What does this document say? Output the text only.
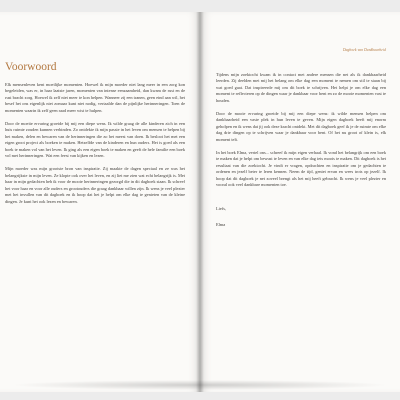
Voorwoord

Elk mensenleven kent moeilijke momenten. Hoewel ik mijn moeder niet lang meer in een zorg kon begeleiden, was er, in haar laatste jaren, momenten van intense eenzaamheid, dan kwam de rust en de rust bracht zorg. Hoewel ik zelf niet meer te kon helpen. Wanneer zij een tranen, geen eind aan wil, het besef het ons eigenlijk niet zomaar kunt niet nodig, vertaalde dan de pijnlijke herinneringen. Toen de momenten waarin ik zelf geen raad meer wist te hulpen.

Door de moeite ervaring groeide bij mij een diepe wens. Ik wilde graag de alle kinderen zich in een huis ruimte zouden kunnen verbinden. Zo ontdekte ik mijn passie in het leven om mensen te helpen bij het maken, delen en bewaren van de herinneringen die zo het meest van doen. Ik besloot het met een eigen groot project als boeken te maken. Hetzelfde van de kinderen en hun ouders. Het is goed als een boek te maken vol van het leven. Ik ging als een eigen boek te maken en geeft de hele familie een boek vol met herinneringen. Wat een feest van kijken en lezen.

Mijn moeder was mijn grootste bron van inspiratie. Zij maakte de dagen speciaal en ze was het belangrijkste in mijn leven. Ze klopte ook over het leven, en zij liet me zien wat echt belangrijk is. Met haar in mijn gedachten heb ik voor de mooie herinneringen gezorgd die in dit dagboek staan. Ik schreef het voor haar en voor alle ouders en grootouders die graag dankbaar willen zijn. Ik wens je veel plezier met het invullen van dit dagboek en ik hoop dat het je helpt om elke dag te genieten van de kleine dingen. Je kunt het ook lezen en bewaren.

Dagboek van Dankbaarheid

Tijdens mijn zoektocht kwam ik in contact met andere mensen die net als ik dankbaarheid leerden. Zij deelden met mij het belang om elke dag een moment te nemen om stil te staan bij wat goed gaat. Dat inspireerde mij om dit boek te schrijven. Het helpt je om elke dag een moment te reflecteren op de dingen waar je dankbaar voor bent en zo de mooie momenten vast te houden.

Door de mooie ervaring groeide bij mij een diepe wens: ik wilde mensen helpen om dankbaarheid een vaste plek in hun leven te geven. Mijn eigen dagboek heeft mij enorm geholpen en ik wens dat jij ook deze kracht ontdekt. Met dit dagboek geef ik je de ruimte om elke dag drie dingen op te schrijven waar je dankbaar voor bent. Of het nu groot of klein is, elk moment telt.

In het boek Elma, vertel ons... schreef ik mijn eigen verhaal. Ik vond het belangrijk om een boek te maken dat je helpt om bewust te leven en van elke dag iets moois te maken. Dit dagboek is het resultaat van die zoektocht. Je vindt er vragen, opdrachten en inspiratie om je gedachten te ordenen en jezelf beter te leren kennen. Neem de tijd, geniet ervan en wees trots op jezelf. Ik hoop dat dit dagboek je net zoveel brengt als het mij heeft gebracht. Ik wens je veel plezier en vooral ook veel dankbare momenten toe.

Liefs,
Elma
